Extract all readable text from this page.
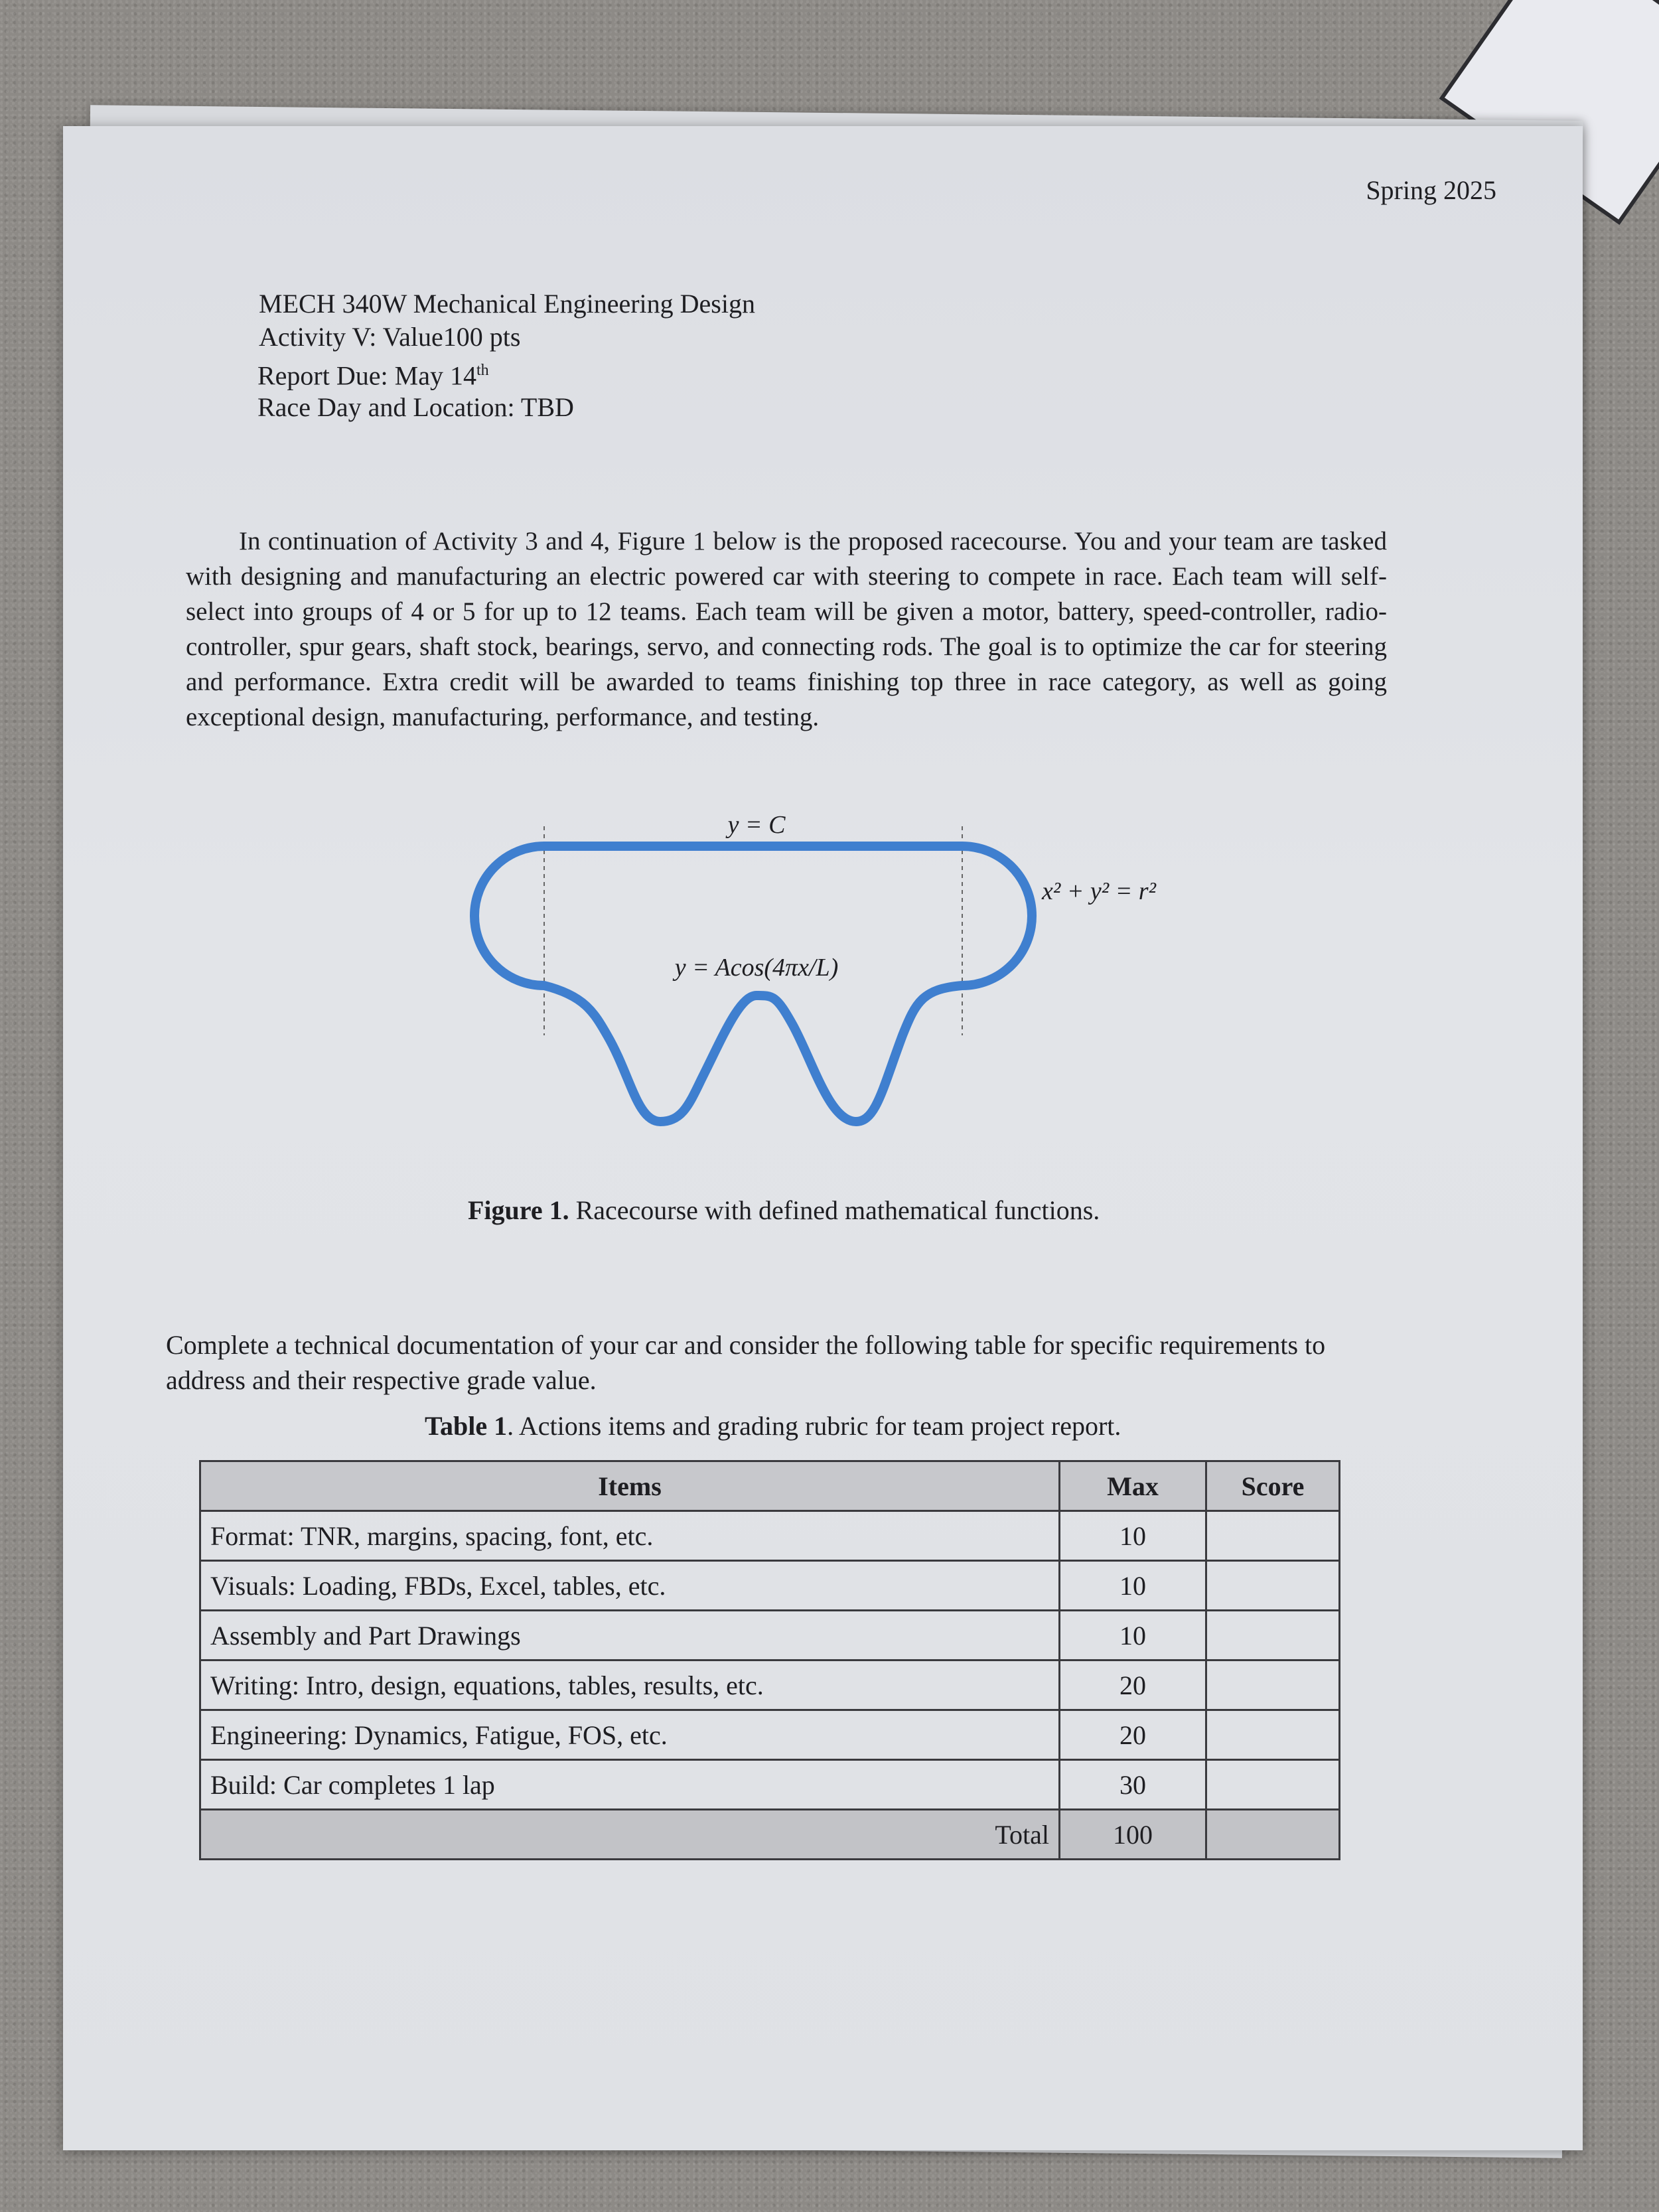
MECH 340W Mechanical Engineering Design
Activity V: Value100 pts
Report Due: May 14th
Race Day and Location: TBD
Spring 2025

In continuation of Activity 3 and 4, Figure 1 below is the proposed racecourse. You and your team are tasked with designing and manufacturing an electric powered car with steering to compete in race. Each team will self-select into groups of 4 or 5 for up to 12 teams. Each team will be given a motor, battery, speed-controller, radio-controller, spur gears, shaft stock, bearings, servo, and connecting rods. The goal is to optimize the car for steering and performance. Extra credit will be awarded to teams finishing top three in race category, as well as going exceptional design, manufacturing, performance, and testing.

y = C
x² + y² = r²
y = Acos(4πx/L)
Figure 1. Racecourse with defined mathematical functions.

Complete a technical documentation of your car and consider the following table for specific requirements to address and their respective grade value.

Table 1. Actions items and grading rubric for team project report.
Items	Max	Score
Format: TNR, margins, spacing, font, etc.	10	
Visuals: Loading, FBDs, Excel, tables, etc.	10	
Assembly and Part Drawings	10	
Writing: Intro, design, equations, tables, results, etc.	20	
Engineering: Dynamics, Fatigue, FOS, etc.	20	
Build: Car completes 1 lap	30	
Total	100	
